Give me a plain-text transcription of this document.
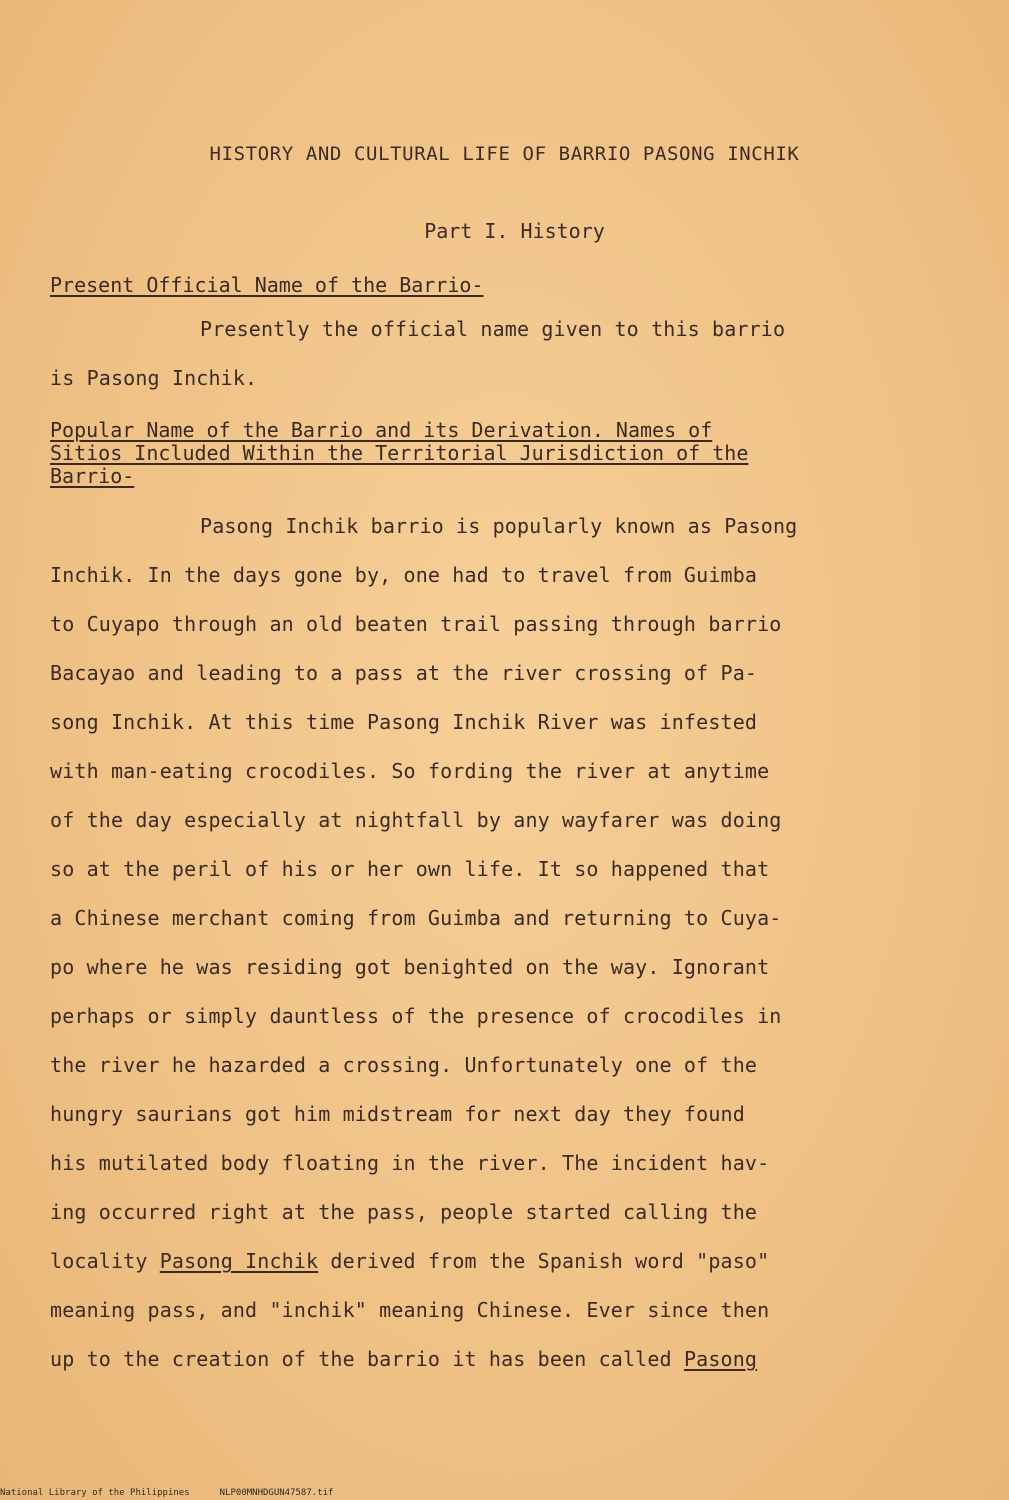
HISTORY AND CULTURAL LIFE OF BARRIO PASONG INCHIK
Part I. History
Present Official Name of the Barrio-
Presently the official name given to this barrio
is Pasong Inchik.
Popular Name of the Barrio and its Derivation. Names of
Sitios Included Within the Territorial Jurisdiction of the
Barrio-
Pasong Inchik barrio is popularly known as Pasong
Inchik. In the days gone by, one had to travel from Guimba
to Cuyapo through an old beaten trail passing through barrio
Bacayao and leading to a pass at the river crossing of Pa-
song Inchik. At this time Pasong Inchik River was infested
with man-eating crocodiles. So fording the river at anytime
of the day especially at nightfall by any wayfarer was doing
so at the peril of his or her own life. It so happened that
a Chinese merchant coming from Guimba and returning to Cuya-
po where he was residing got benighted on the way. Ignorant
perhaps or simply dauntless of the presence of crocodiles in
the river he hazarded a crossing. Unfortunately one of the
hungry saurians got him midstream for next day they found
his mutilated body floating in the river. The incident hav-
ing occurred right at the pass, people started calling the
locality Pasong Inchik derived from the Spanish word "paso"
meaning pass, and "inchik" meaning Chinese. Ever since then
up to the creation of the barrio it has been called Pasong
National Library of the Philippines	NLP00MNHDGUN47587.tif
